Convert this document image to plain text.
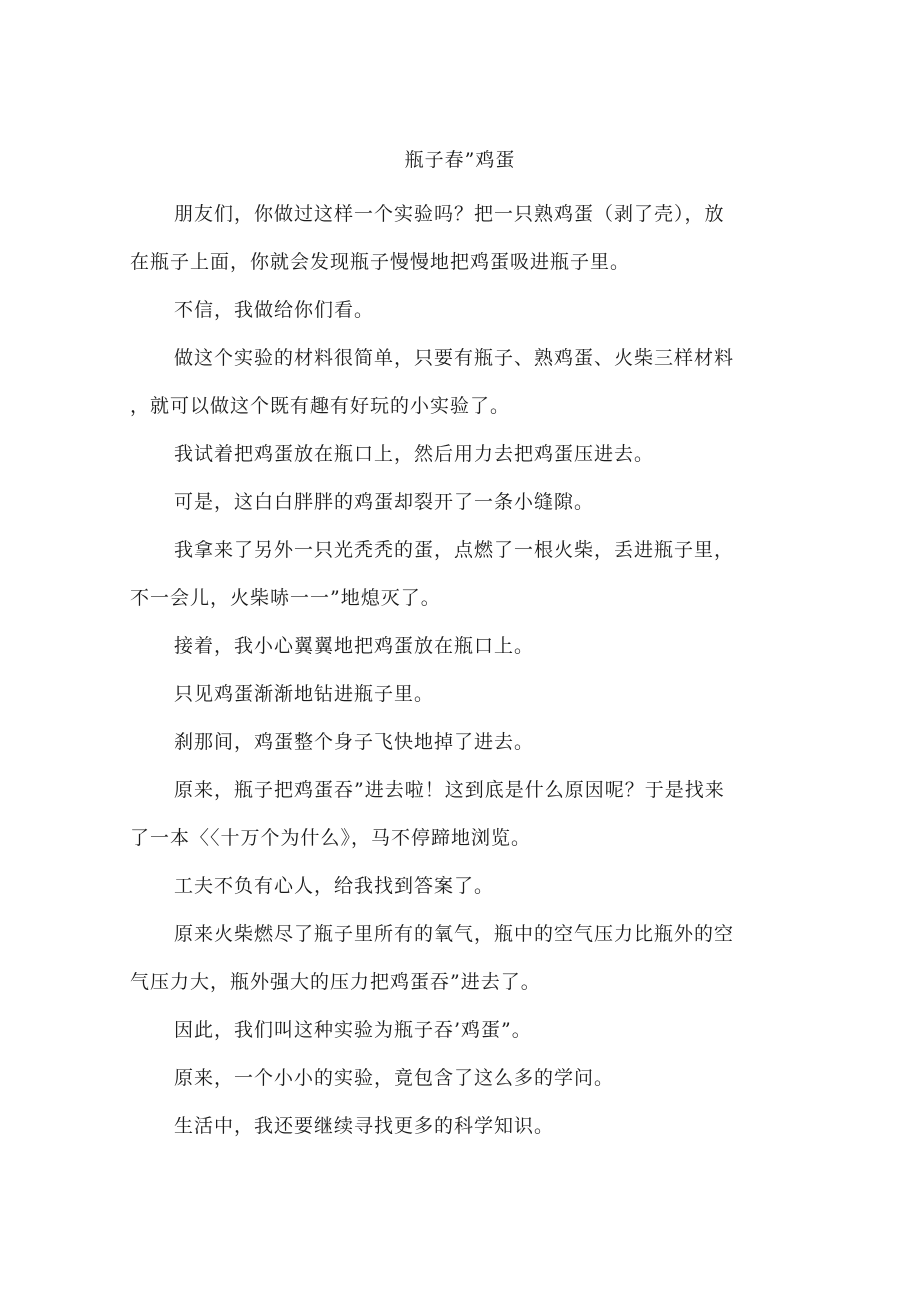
瓶子春”鸡蛋
朋友们，你做过这样一个实验吗？把一只熟鸡蛋（剥了壳），放
在瓶子上面，你就会发现瓶子慢慢地把鸡蛋吸进瓶子里。
不信，我做给你们看。
做这个实验的材料很简单，只要有瓶子、熟鸡蛋、火柴三样材料
，就可以做这个既有趣有好玩的小实验了。
我试着把鸡蛋放在瓶口上，然后用力去把鸡蛋压进去。
可是，这白白胖胖的鸡蛋却裂开了一条小缝隙。
我拿来了另外一只光秃秃的蛋，点燃了一根火柴，丢进瓶子里，
不一会儿，火柴哧一一”地熄灭了。
接着，我小心翼翼地把鸡蛋放在瓶口上。
只见鸡蛋渐渐地钻进瓶子里。
刹那间，鸡蛋整个身子飞快地掉了进去。
原来，瓶子把鸡蛋吞”进去啦！这到底是什么原因呢？于是找来
了一本〈〈十万个为什么》，马不停蹄地浏览。
工夫不负有心人，给我找到答案了。
原来火柴燃尽了瓶子里所有的氧气，瓶中的空气压力比瓶外的空
气压力大，瓶外强大的压力把鸡蛋吞”进去了。
因此，我们叫这种实验为瓶子吞’鸡蛋”。
原来，一个小小的实验，竟包含了这么多的学问。
生活中，我还要继续寻找更多的科学知识。
